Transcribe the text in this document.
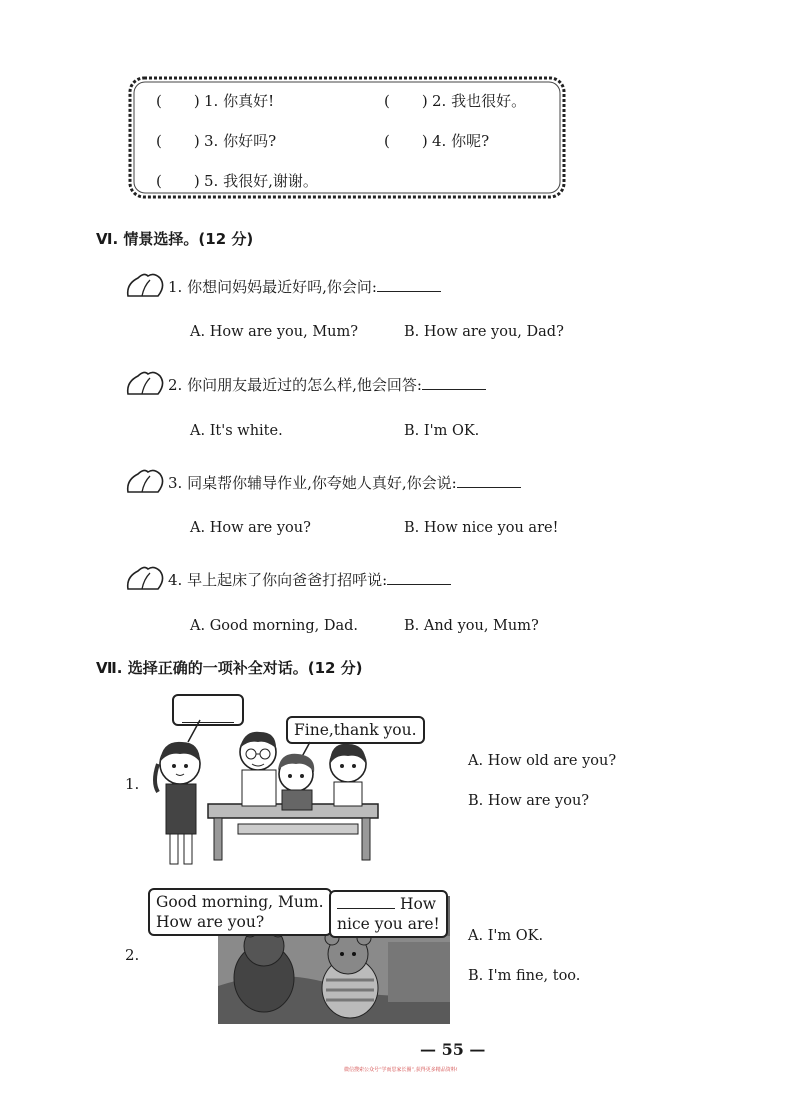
( ) 1. 你真好!	( ) 2. 我也很好。
( ) 3. 你好吗?	( ) 4. 你呢?
( ) 5. 我很好,谢谢。
Ⅵ. 情景选择。(12 分)
1. 你想问妈妈最近好吗,你会问:
A. How are you, Mum?	B. How are you, Dad?
2. 你问朋友最近过的怎么样,他会回答:
A. It's white.	B. I'm OK.
3. 同桌帮你辅导作业,你夸她人真好,你会说:
A. How are you?	B. How nice you are!
4. 早上起床了你向爸爸打招呼说:
A. Good morning, Dad.	B. And you, Mum?
Ⅶ. 选择正确的一项补全对话。(12 分)
1.
Fine,thank you.
A. How old are you?
B. How are you?
2.
Good morning, Mum.
How are you?
How
nice you are!
A. I'm OK.
B. I'm fine, too.
— 55 —
微信搜索公众号“学而思家长圈”,获得更多精品资料!
